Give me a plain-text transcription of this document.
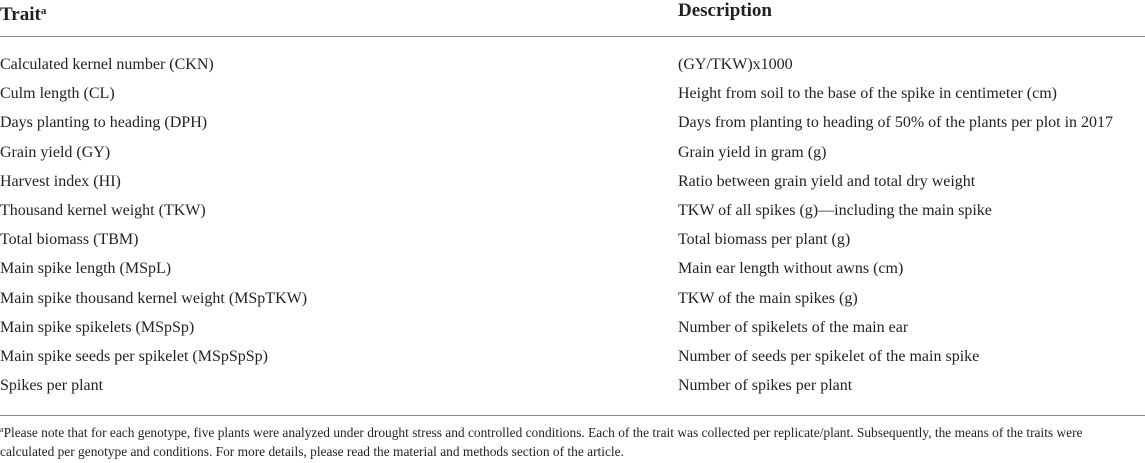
Trait$^a$	Description
Calculated kernel number (CKN)	(GY/TKW)x1000
Culm length (CL)	Height from soil to the base of the spike in centimeter (cm)
Days planting to heading (DPH)	Days from planting to heading of 50% of the plants per plot in 2017
Grain yield (GY)	Grain yield in gram (g)
Harvest index (HI)	Ratio between grain yield and total dry weight
Thousand kernel weight (TKW)	TKW of all spikes (g)—including the main spike
Total biomass (TBM)	Total biomass per plant (g)
Main spike length (MSpL)	Main ear length without awns (cm)
Main spike thousand kernel weight (MSpTKW)	TKW of the main spikes (g)
Main spike spikelets (MSpSp)	Number of spikelets of the main ear
Main spike seeds per spikelet (MSpSpSp)	Number of seeds per spikelet of the main spike
Spikes per plant	Number of spikes per plant
$^a$Please note that for each genotype, five plants were analyzed under drought stress and controlled conditions. Each of the trait was collected per replicate/plant. Subsequently, the means of the traits were calculated per genotype and conditions. For more details, please read the material and methods section of the article.
